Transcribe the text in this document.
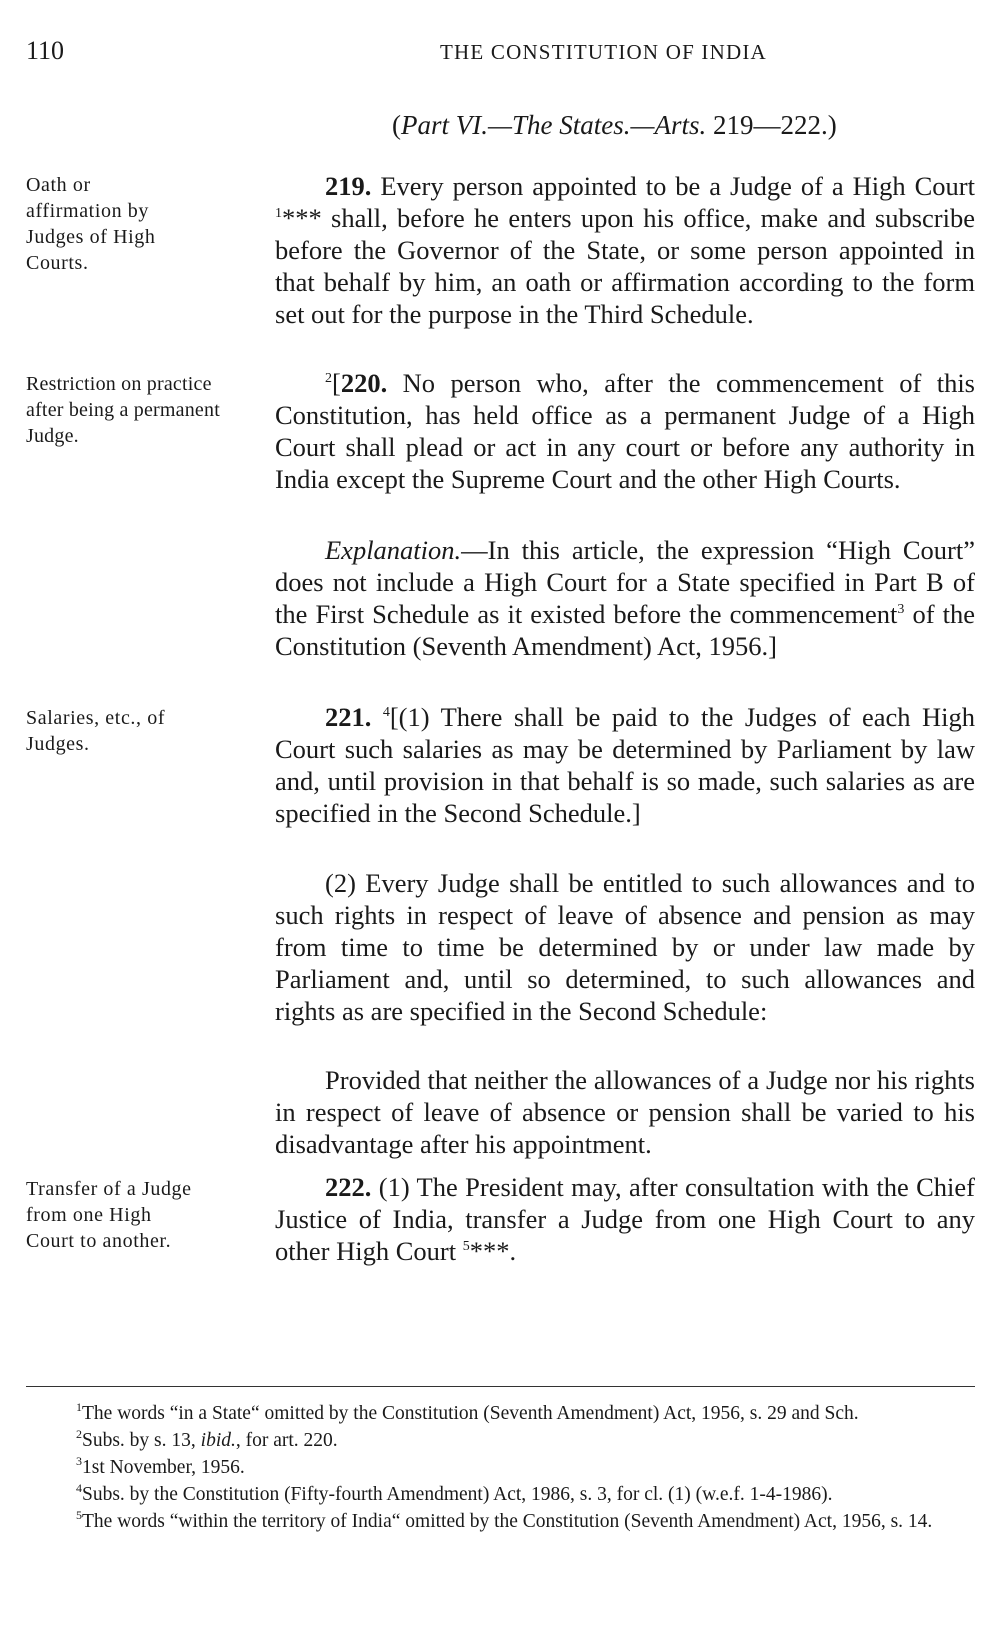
110	THE CONSTITUTION OF INDIA
(Part VI.—The States.—Arts. 219—222.)
Oath or affirmation by Judges of High Courts.
Restriction on practice after being a permanent Judge.
Salaries, etc., of Judges.
Transfer of a Judge from one High Court to another.

219. Every person appointed to be a Judge of a High Court $^1$*** shall, before he enters upon his office, make and subscribe before the Governor of the State, or some person appointed in that behalf by him, an oath or affirmation according to the form set out for the purpose in the Third Schedule.

$^2$[220. No person who, after the commencement of this Constitution, has held office as a permanent Judge of a High Court shall plead or act in any court or before any authority in India except the Supreme Court and the other High Courts.

Explanation.—In this article, the expression “High Court” does not include a High Court for a State specified in Part B of the First Schedule as it existed before the commencement$^3$ of the Constitution (Seventh Amendment) Act, 1956.]

221. $^4$[(1) There shall be paid to the Judges of each High Court such salaries as may be determined by Parliament by law and, until provision in that behalf is so made, such salaries as are specified in the Second Schedule.]

(2) Every Judge shall be entitled to such allowances and to such rights in respect of leave of absence and pension as may from time to time be determined by or under law made by Parliament and, until so determined, to such allowances and rights as are specified in the Second Schedule:

Provided that neither the allowances of a Judge nor his rights in respect of leave of absence or pension shall be varied to his disadvantage after his appointment.

222. (1) The President may, after consultation with the Chief Justice of India, transfer a Judge from one High Court to any other High Court $^5$***.

$^1$The words “in a State“ omitted by the Constitution (Seventh Amendment) Act, 1956, s. 29 and Sch.

$^2$Subs. by s. 13, ibid., for art. 220.

$^3$1st November, 1956.

$^4$Subs. by the Constitution (Fifty-fourth Amendment) Act, 1986, s. 3, for cl. (1) (w.e.f. 1-4-1986).

$^5$The words “within the territory of India“ omitted by the Constitution (Seventh Amendment) Act, 1956, s. 14.
